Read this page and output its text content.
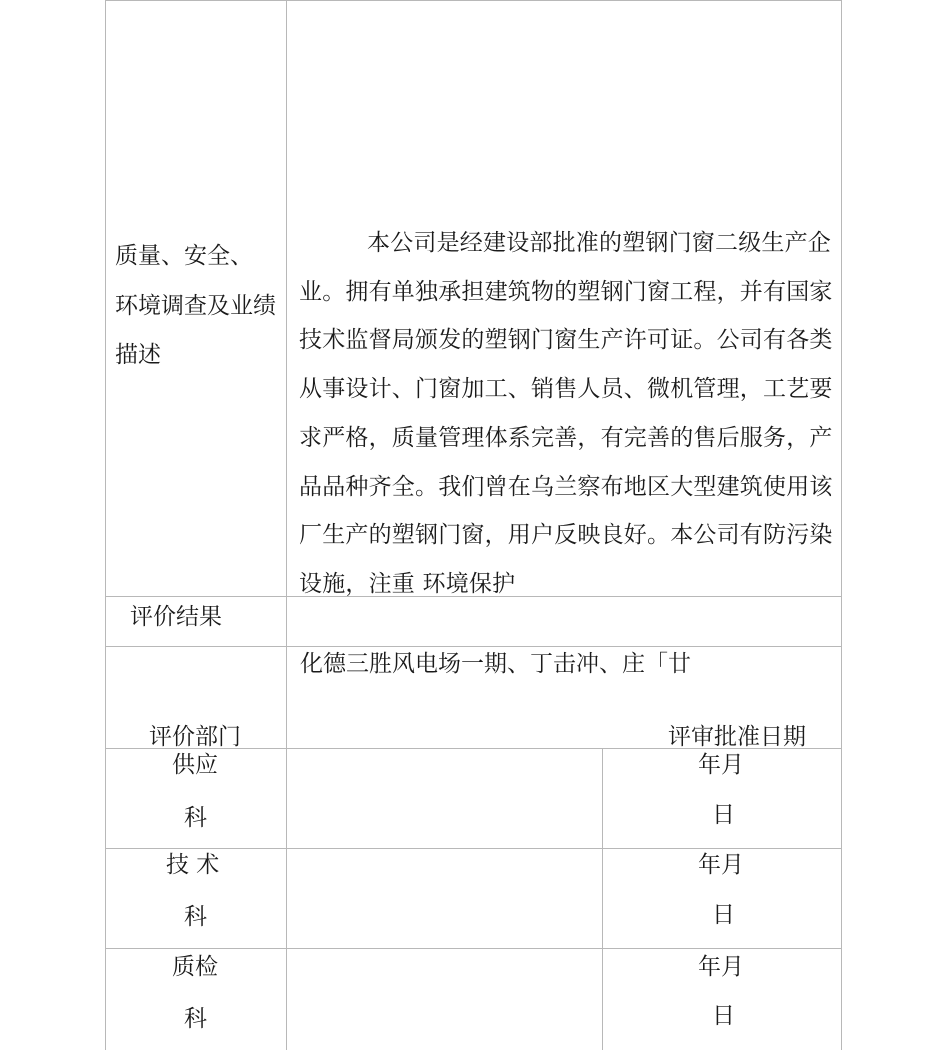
质量、安全、
环境调查及业绩
描述
本公司是经建设部批准的塑钢门窗二级生产企业。拥有单独承担建筑物的塑钢门窗工程，并有国家技术监督局颁发的塑钢门窗生产许可证。公司有各类从事设计、门窗加工、销售人员、微机管理，工艺要求严格，质量管理体系完善，有完善的售后服务，产品品种齐全。我们曾在乌兰察布地区大型建筑使用该厂生产的塑钢门窗，用户反映良好。本公司有防污染设施，注重 环境保护
评价结果
化德三胜风电场一期、丁击冲、庄「廿
评价部门	评审批准日期
供应
科
年月
日
技 术
科
年月
日
质检
科
年月
日
